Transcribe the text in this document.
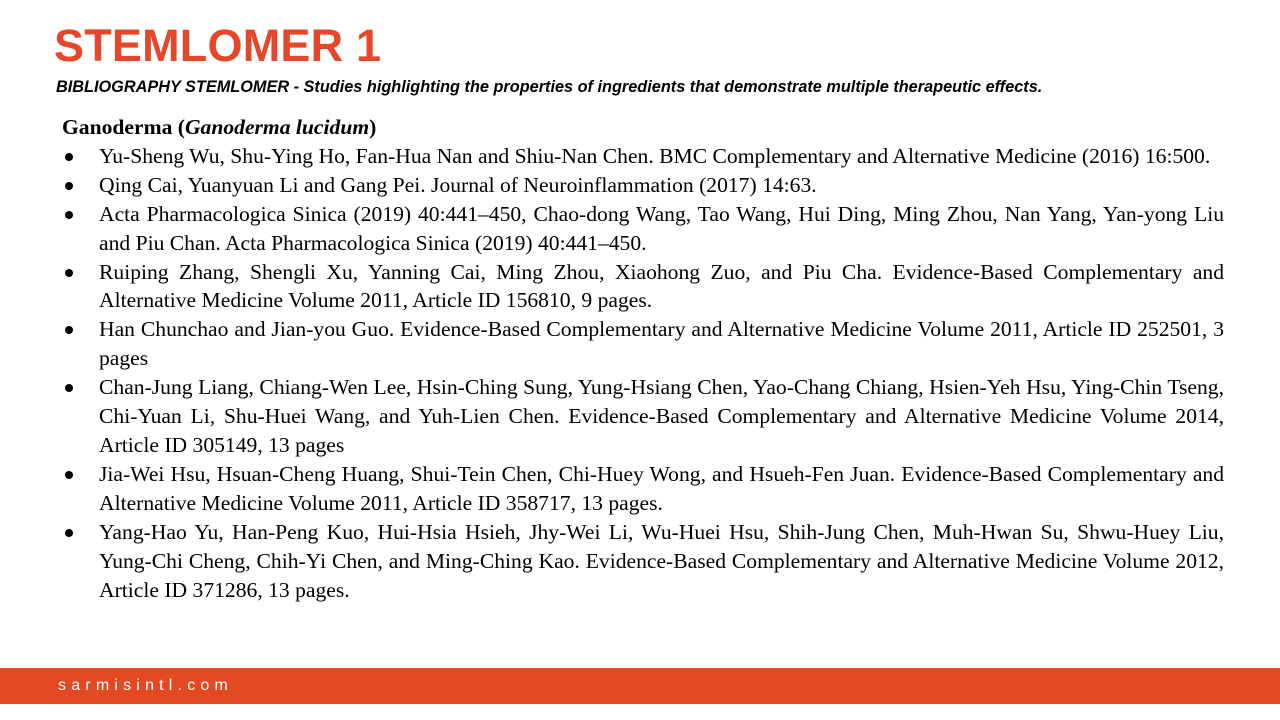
STEMLOMER 1
BIBLIOGRAPHY STEMLOMER - Studies highlighting the properties of ingredients that demonstrate multiple therapeutic effects.
Ganoderma (Ganoderma lucidum)
Yu-Sheng Wu, Shu-Ying Ho, Fan-Hua Nan and Shiu-Nan Chen. BMC Complementary and Alternative Medicine (2016) 16:500.
Qing Cai, Yuanyuan Li and Gang Pei. Journal of Neuroinflammation (2017) 14:63.
Acta Pharmacologica Sinica (2019) 40:441–450, Chao-dong Wang, Tao Wang, Hui Ding, Ming Zhou, Nan Yang, Yan-yong Liu and Piu Chan. Acta Pharmacologica Sinica (2019) 40:441–450.
Ruiping Zhang, Shengli Xu, Yanning Cai, Ming Zhou, Xiaohong Zuo, and Piu Cha. Evidence-Based Complementary and Alternative Medicine Volume 2011, Article ID 156810, 9 pages.
Han Chunchao and Jian-you Guo. Evidence-Based Complementary and Alternative Medicine Volume 2011, Article ID 252501, 3 pages
Chan-Jung Liang, Chiang-Wen Lee, Hsin-Ching Sung, Yung-Hsiang Chen, Yao-Chang Chiang, Hsien-Yeh Hsu, Ying-Chin Tseng, Chi-Yuan Li, Shu-Huei Wang, and Yuh-Lien Chen. Evidence-Based Complementary and Alternative Medicine Volume 2014, Article ID 305149, 13 pages
Jia-Wei Hsu, Hsuan-Cheng Huang, Shui-Tein Chen, Chi-Huey Wong, and Hsueh-Fen Juan. Evidence-Based Complementary and Alternative Medicine Volume 2011, Article ID 358717, 13 pages.
Yang-Hao Yu, Han-Peng Kuo, Hui-Hsia Hsieh, Jhy-Wei Li, Wu-Huei Hsu, Shih-Jung Chen, Muh-Hwan Su, Shwu-Huey Liu, Yung-Chi Cheng, Chih-Yi Chen, and Ming-Ching Kao. Evidence-Based Complementary and Alternative Medicine Volume 2012, Article ID 371286, 13 pages.
sarmisintl.com
